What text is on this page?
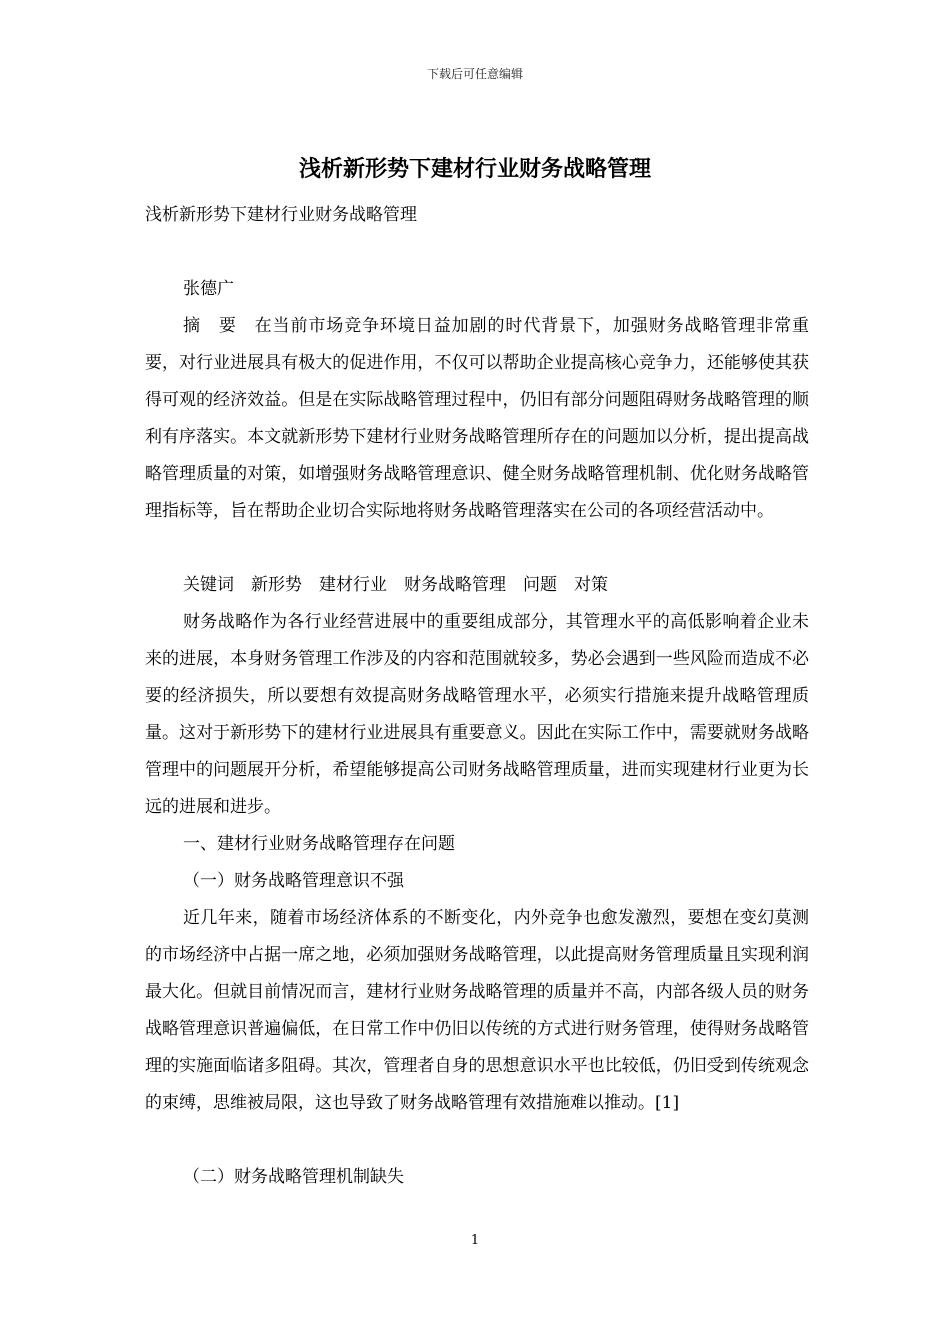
下载后可任意编辑
浅析新形势下建材行业财务战略管理

浅析新形势下建材行业财务战略管理

张德广

摘　要　在当前市场竞争环境日益加剧的时代背景下，加强财务战略管理非常重要，对行业进展具有极大的促进作用，不仅可以帮助企业提高核心竞争力，还能够使其获得可观的经济效益。但是在实际战略管理过程中，仍旧有部分问题阻碍财务战略管理的顺利有序落实。本文就新形势下建材行业财务战略管理所存在的问题加以分析，提出提高战略管理质量的对策，如增强财务战略管理意识、健全财务战略管理机制、优化财务战略管理指标等，旨在帮助企业切合实际地将财务战略管理落实在公司的各项经营活动中。

关键词　新形势　建材行业　财务战略管理　问题　对策

财务战略作为各行业经营进展中的重要组成部分，其管理水平的高低影响着企业未来的进展，本身财务管理工作涉及的内容和范围就较多，势必会遇到一些风险而造成不必要的经济损失，所以要想有效提高财务战略管理水平，必须实行措施来提升战略管理质量。这对于新形势下的建材行业进展具有重要意义。因此在实际工作中，需要就财务战略管理中的问题展开分析，希望能够提高公司财务战略管理质量，进而实现建材行业更为长远的进展和进步。

一、建材行业财务战略管理存在问题

（一）财务战略管理意识不强

近几年来，随着市场经济体系的不断变化，内外竞争也愈发激烈，要想在变幻莫测的市场经济中占据一席之地，必须加强财务战略管理，以此提高财务管理质量且实现利润最大化。但就目前情况而言，建材行业财务战略管理的质量并不高，内部各级人员的财务战略管理意识普遍偏低，在日常工作中仍旧以传统的方式进行财务管理，使得财务战略管理的实施面临诸多阻碍。其次，管理者自身的思想意识水平也比较低，仍旧受到传统观念的束缚，思维被局限，这也导致了财务战略管理有效措施难以推动。[1]

（二）财务战略管理机制缺失

1
